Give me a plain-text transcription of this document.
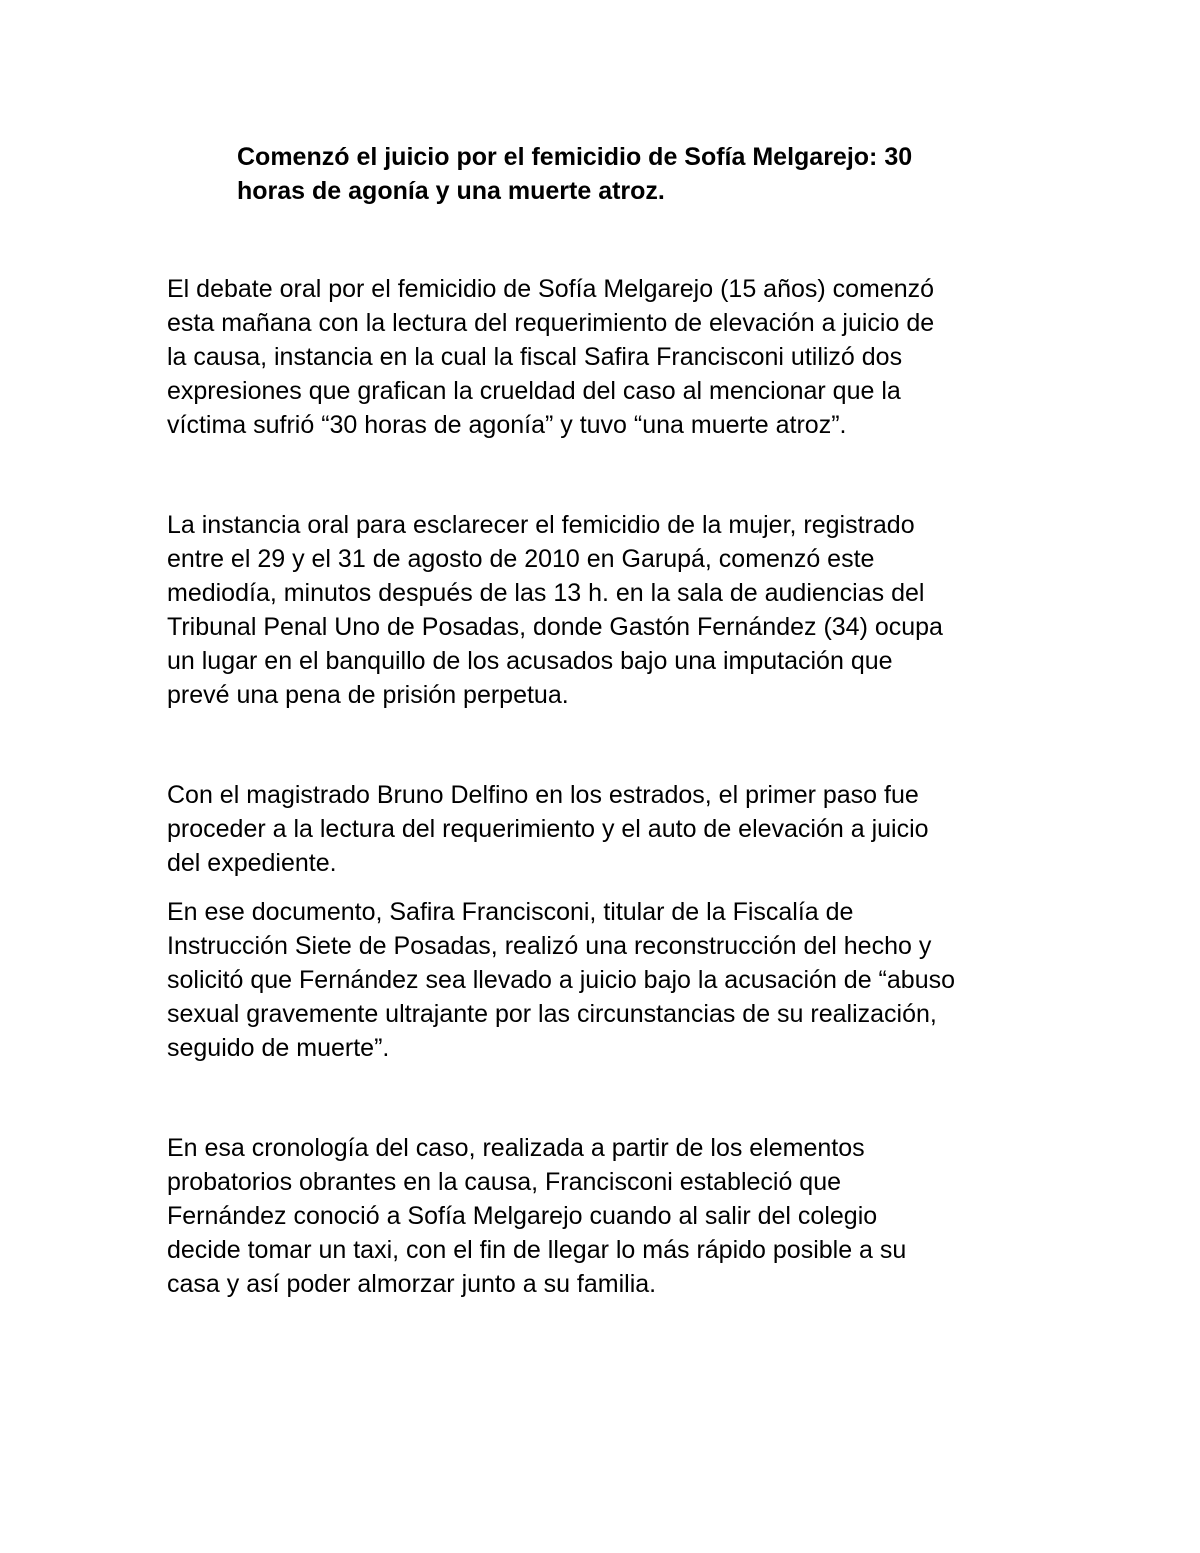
Comenzó el juicio por el femicidio de Sofía Melgarejo: 30
horas de agonía y una muerte atroz.

El debate oral por el femicidio de Sofía Melgarejo (15 años) comenzó
esta mañana con la lectura del requerimiento de elevación a juicio de
la causa, instancia en la cual la fiscal Safira Francisconi utilizó dos
expresiones que grafican la crueldad del caso al mencionar que la
víctima sufrió “30 horas de agonía” y tuvo “una muerte atroz”.

La instancia oral para esclarecer el femicidio de la mujer, registrado
entre el 29 y el 31 de agosto de 2010 en Garupá, comenzó este
mediodía, minutos después de las 13 h. en la sala de audiencias del
Tribunal Penal Uno de Posadas, donde Gastón Fernández (34) ocupa
un lugar en el banquillo de los acusados bajo una imputación que
prevé una pena de prisión perpetua.

Con el magistrado Bruno Delfino en los estrados, el primer paso fue
proceder a la lectura del requerimiento y el auto de elevación a juicio
del expediente.

En ese documento, Safira Francisconi, titular de la Fiscalía de
Instrucción Siete de Posadas, realizó una reconstrucción del hecho y
solicitó que Fernández sea llevado a juicio bajo la acusación de “abuso
sexual gravemente ultrajante por las circunstancias de su realización,
seguido de muerte”.

En esa cronología del caso, realizada a partir de los elementos
probatorios obrantes en la causa, Francisconi estableció que
Fernández conoció a Sofía Melgarejo cuando al salir del colegio
decide tomar un taxi, con el fin de llegar lo más rápido posible a su
casa y así poder almorzar junto a su familia.
